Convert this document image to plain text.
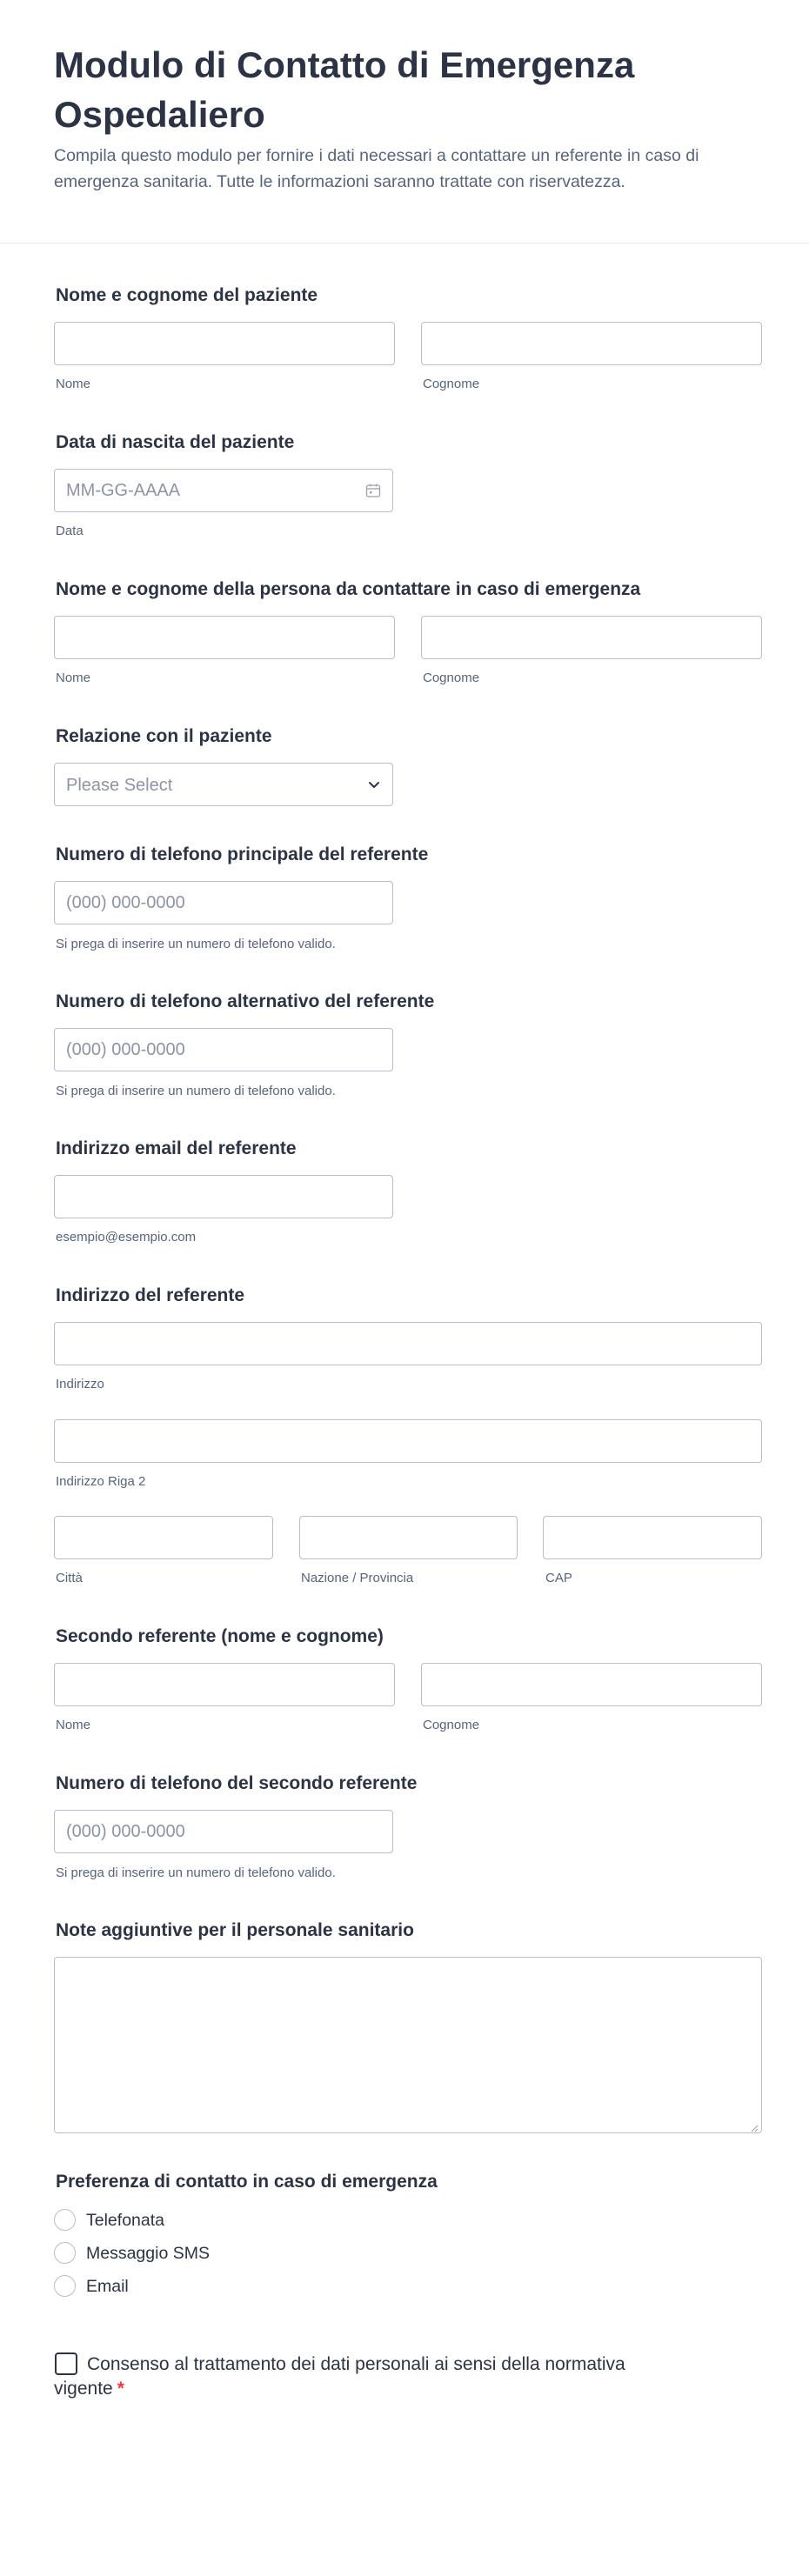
Modulo di Contatto di Emergenza Ospedaliero

Compila questo modulo per fornire i dati necessari a contattare un referente in caso di emergenza sanitaria. Tutte le informazioni saranno trattate con riservatezza.

Nome e cognome del paziente
Nome	Cognome
Data di nascita del paziente
MM-GG-AAAA
Data
Nome e cognome della persona da contattare in caso di emergenza
Nome	Cognome
Relazione con il paziente
Please Select
Numero di telefono principale del referente
(000) 000-0000
Si prega di inserire un numero di telefono valido.
Numero di telefono alternativo del referente
(000) 000-0000
Si prega di inserire un numero di telefono valido.
Indirizzo email del referente
esempio@esempio.com
Indirizzo del referente
Indirizzo
Indirizzo Riga 2
Città	Nazione / Provincia	CAP
Secondo referente (nome e cognome)
Nome	Cognome
Numero di telefono del secondo referente
(000) 000-0000
Si prega di inserire un numero di telefono valido.
Note aggiuntive per il personale sanitario
Preferenza di contatto in caso di emergenza
Telefonata
Messaggio SMS
Email
Consenso al trattamento dei dati personali ai sensi della normativa vigente *
